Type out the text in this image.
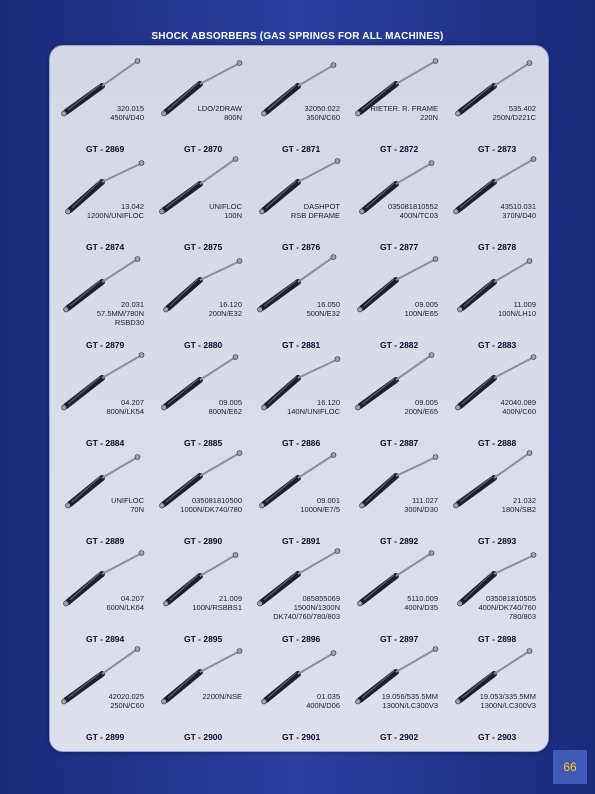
SHOCK ABSORBERS (GAS SPRINGS FOR ALL MACHINES)
320.015
450N/D40
GT - 2869
LDO/2DRAW
800N
GT - 2870
32050.022
350N/C60
GT - 2871
RIETER. R. FRAME
220N
GT - 2872
535.402
250N/D221C
GT - 2873
13.042
1200N/UNIFLOC
GT - 2874
UNIFLOC
100N
GT - 2875
DASHPOT
RSB DFRAME
GT - 2876
035081810552
400N/TC03
GT - 2877
43510.031
370N/D40
GT - 2878
20.031
57.5MM/780N
RSBD30
GT - 2879
16.120
200N/E32
GT - 2880
16.050
500N/E32
GT - 2881
09.005
100N/E65
GT - 2882
11.009
100N/LH10
GT - 2883
04.207
800N/LK54
GT - 2884
09.005
800N/E62
GT - 2885
16.120
140N/UNIFLOC
GT - 2886
09.005
200N/E65
GT - 2887
42040.089
400N/C60
GT - 2888
UNIFLOC
70N
GT - 2889
035081810500
1000N/DK740/780
GT - 2890
09.001
1000N/E7/5
GT - 2891
111.027
300N/D30
GT - 2892
21.032
180N/SB2
GT - 2893
04.207
600N/LK64
GT - 2894
21.009
100N/RSBBS1
GT - 2895
085855069
1500N/1300N
DK740/760/780/803
GT - 2896
5110.009
400N/D35
GT - 2897
035081810505
400N/DK740/760
780/803
GT - 2898
42020.025
250N/C60
GT - 2899
2200N/NSE
GT - 2900
01.035
400N/D06
GT - 2901
19.056/535.5MM
1300N/LC300V3
GT - 2902
19.053/335.5MM
1300N/LC300V3
GT - 2903
66
